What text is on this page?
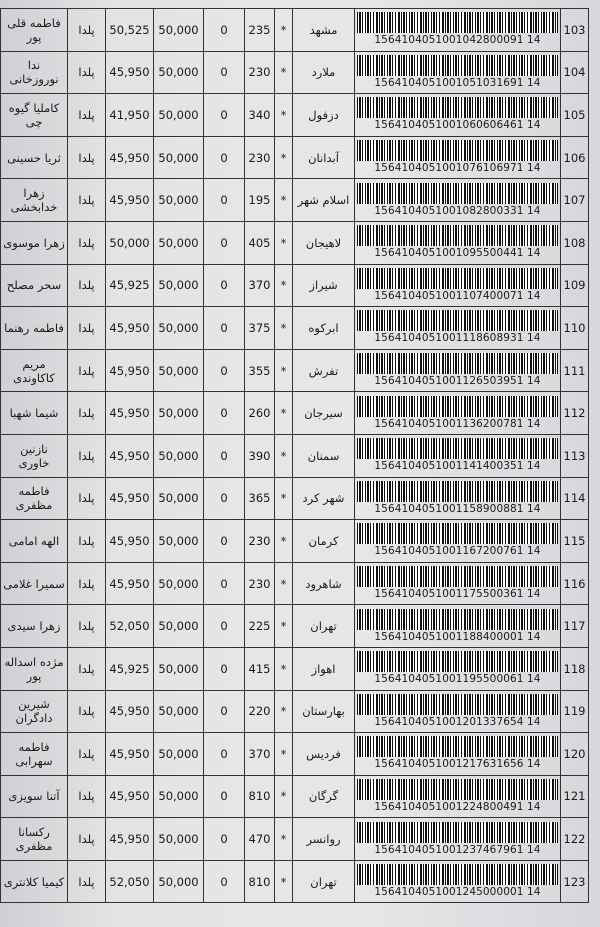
فاطمه قلی پور	پلدا	50,525	50,000	0	235	*	مشهد	1564104051001042800091 14	103
ندا نوروزخانی	پلدا	45,950	50,000	0	230	*	ملارد	1564104051001051031691 14	104
کاملیا گیوه چی	پلدا	41,950	50,000	0	340	*	دزفول	1564104051001060606461 14	105
ثریا حسینی	پلدا	45,950	50,000	0	230	*	آبدانان	1564104051001076106971 14	106
زهرا خدابخشی	پلدا	45,950	50,000	0	195	*	اسلام شهر	1564104051001082800331 14	107
زهرا موسوی	پلدا	50,000	50,000	0	405	*	لاهیجان	1564104051001095500441 14	108
سحر مصلح	پلدا	45,925	50,000	0	370	*	شیراز	1564104051001107400071 14	109
فاطمه رهنما	پلدا	45,950	50,000	0	375	*	ابرکوه	1564104051001118608931 14	110
مریم کاکاوندی	پلدا	45,950	50,000	0	355	*	تفرش	1564104051001126503951 14	111
شیما شهبا	پلدا	45,950	50,000	0	260	*	سیرجان	1564104051001136200781 14	112
نازنین خاوری	پلدا	45,950	50,000	0	390	*	سمنان	1564104051001141400351 14	113
فاطمه مظفری	پلدا	45,950	50,000	0	365	*	شهر کرد	1564104051001158900881 14	114
الهه امامی	پلدا	45,950	50,000	0	230	*	کرمان	1564104051001167200761 14	115
سمیرا غلامی	پلدا	45,950	50,000	0	230	*	شاهرود	1564104051001175500361 14	116
زهرا سیدی	پلدا	52,050	50,000	0	225	*	تهران	1564104051001188400001 14	117
مژده اسداله پور	پلدا	45,925	50,000	0	415	*	اهواز	1564104051001195500061 14	118
شیرین دادگران	پلدا	45,950	50,000	0	220	*	بهارستان	1564104051001201337654 14	119
فاطمه سهرابی	پلدا	45,950	50,000	0	370	*	فردیس	1564104051001217631656 14	120
آتنا سویزی	پلدا	45,950	50,000	0	810	*	گرگان	1564104051001224800491 14	121
رکسانا مظفری	پلدا	45,950	50,000	0	470	*	روانسر	1564104051001237467961 14	122
کیمیا کلانتری	پلدا	52,050	50,000	0	810	*	تهران	1564104051001245000001 14	123
